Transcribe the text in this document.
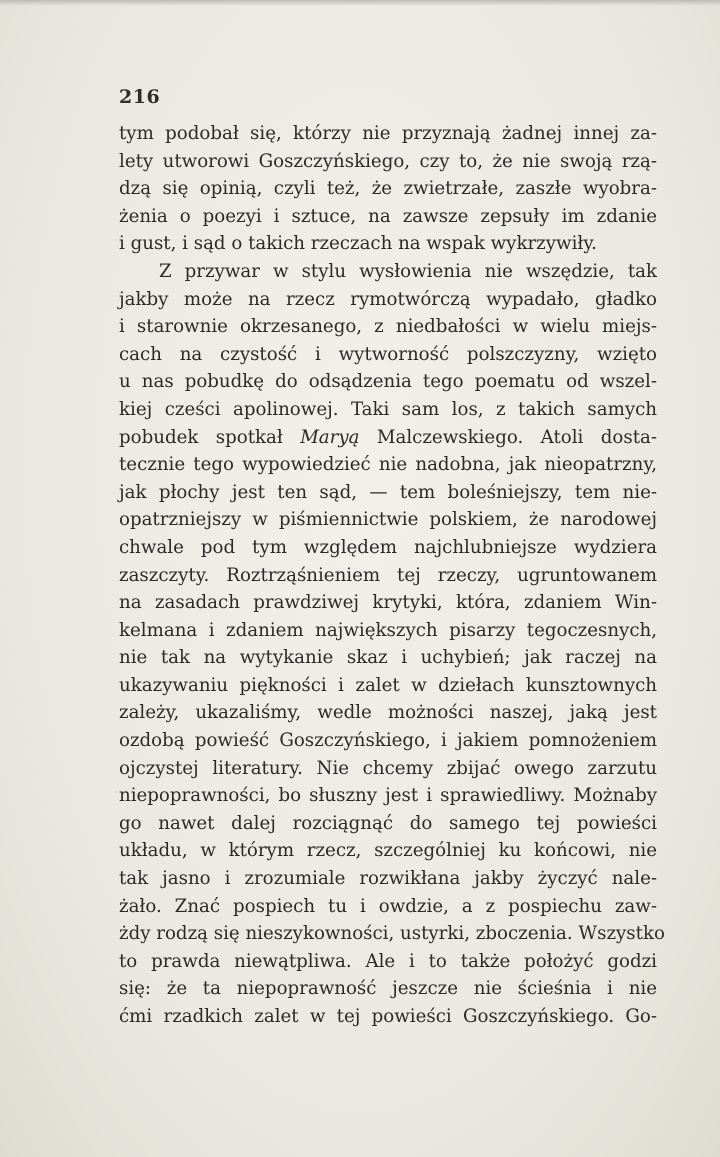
216
tym podobał się, którzy nie przyznają żadnej innej za-
lety utworowi Goszczyńskiego, czy to, że nie swoją rzą-
dzą się opinią, czyli też, że zwietrzałe, zaszłe wyobra-
żenia o poezyi i sztuce, na zawsze zepsuły im zdanie
i gust, i sąd o takich rzeczach na wspak wykrzywiły.
Z przywar w stylu wysłowienia nie wszędzie, tak
jakby może na rzecz rymotwórczą wypadało, gładko
i starownie okrzesanego, z niedbałości w wielu miejs-
cach na czystość i wytworność polszczyzny, wzięto
u nas pobudkę do odsądzenia tego poematu od wszel-
kiej cześci apolinowej. Taki sam los, z takich samych
pobudek spotkał Maryą Malczewskiego. Atoli dosta-
tecznie tego wypowiedzieć nie nadobna, jak nieopatrzny,
jak płochy jest ten sąd, — tem boleśniejszy, tem nie-
opatrzniejszy w piśmiennictwie polskiem, że narodowej
chwale pod tym względem najchlubniejsze wydziera
zaszczyty. Roztrząśnieniem tej rzeczy, ugruntowanem
na zasadach prawdziwej krytyki, która, zdaniem Win-
kelmana i zdaniem największych pisarzy tegoczesnych,
nie tak na wytykanie skaz i uchybień; jak raczej na
ukazywaniu piękności i zalet w dziełach kunsztownych
zależy, ukazaliśmy, wedle możności naszej, jaką jest
ozdobą powieść Goszczyńskiego, i jakiem pomnożeniem
ojczystej literatury. Nie chcemy zbijać owego zarzutu
niepoprawności, bo słuszny jest i sprawiedliwy. Możnaby
go nawet dalej rozciągnąć do samego tej powieści
układu, w którym rzecz, szczególniej ku końcowi, nie
tak jasno i zrozumiale rozwikłana jakby życzyć nale-
żało. Znać pospiech tu i owdzie, a z pospiechu zaw-
żdy rodzą się nieszykowności, ustyrki, zboczenia. Wszystko
to prawda niewątpliwa. Ale i to także położyć godzi
się: że ta niepoprawność jeszcze nie ścieśnia i nie
ćmi rzadkich zalet w tej powieści Goszczyńskiego. Go-
